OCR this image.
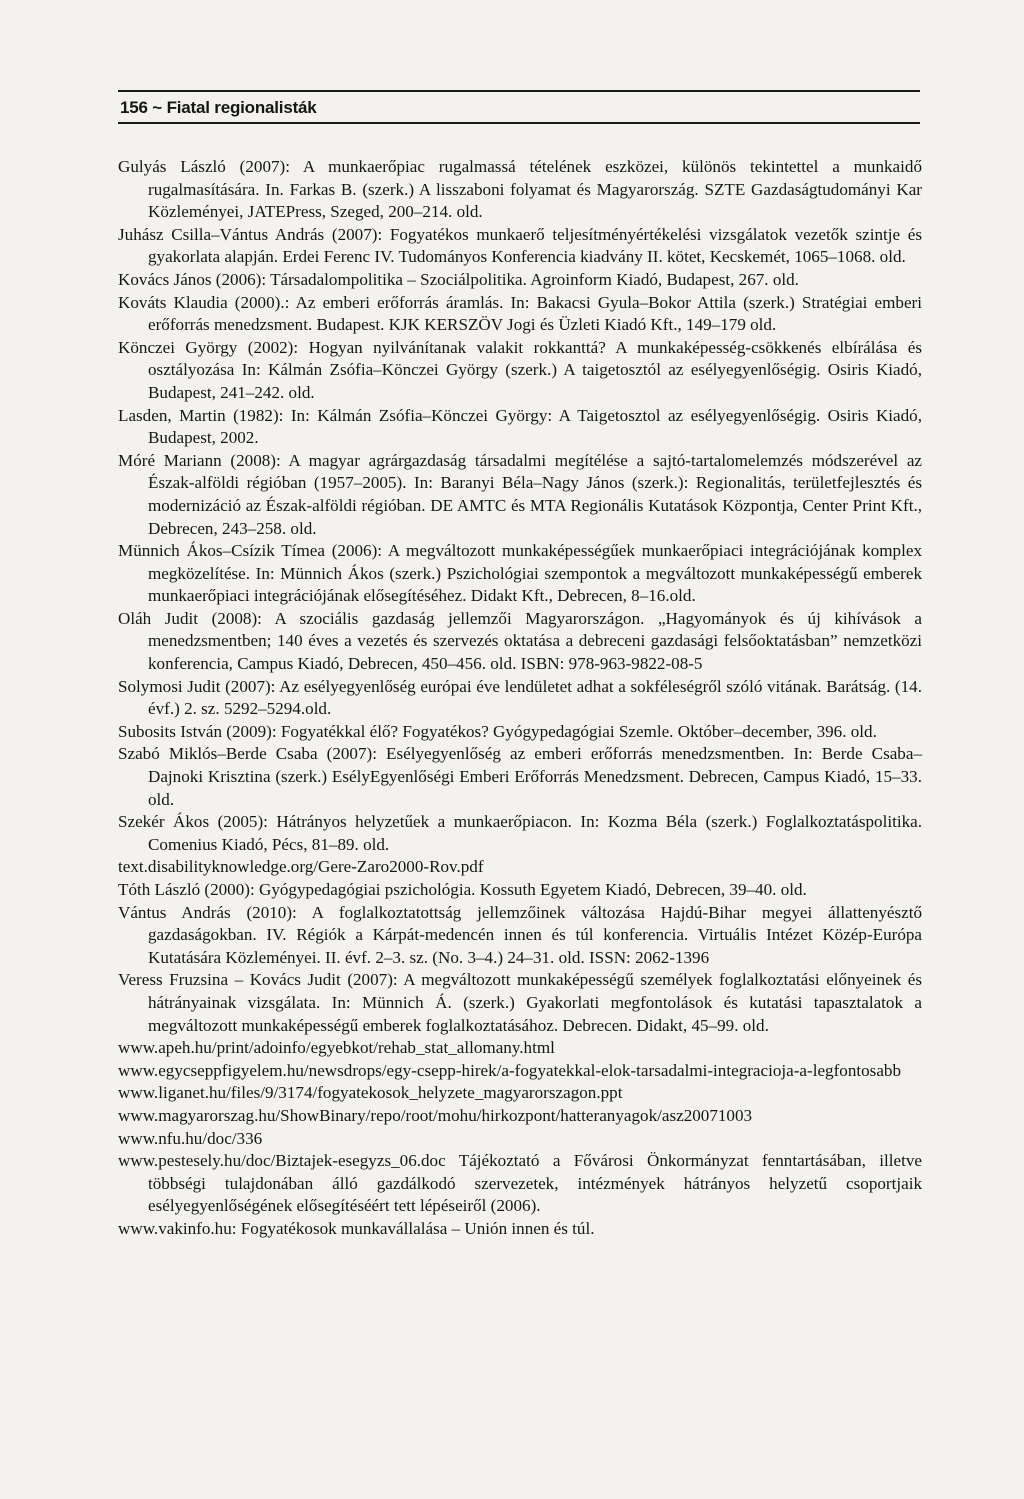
156 ~ Fiatal regionalisták

Gulyás László (2007): A munkaerőpiac rugalmassá tételének eszközei, különös tekintettel a munkaidő rugalmasítására. In. Farkas B. (szerk.) A lisszaboni folyamat és Magyarország. SZTE Gazdaságtudományi Kar Közleményei, JATEPress, Szeged, 200–214. old.

Juhász Csilla–Vántus András (2007): Fogyatékos munkaerő teljesítményértékelési vizsgálatok vezetők szintje és gyakorlata alapján. Erdei Ferenc IV. Tudományos Konferencia kiadvány II. kötet, Kecskemét, 1065–1068. old.

Kovács János (2006): Társadalompolitika – Szociálpolitika. Agroinform Kiadó, Budapest, 267. old.

Kováts Klaudia (2000).: Az emberi erőforrás áramlás. In: Bakacsi Gyula–Bokor Attila (szerk.) Stratégiai emberi erőforrás menedzsment. Budapest. KJK KERSZÖV Jogi és Üzleti Kiadó Kft., 149–179 old.

Könczei György (2002): Hogyan nyilvánítanak valakit rokkanttá? A munkaképesség-csökkenés elbírálása és osztályozása In: Kálmán Zsófia–Könczei György (szerk.) A taigetosztól az esélyegyenlőségig. Osiris Kiadó, Budapest, 241–242. old.

Lasden, Martin (1982): In: Kálmán Zsófia–Könczei György: A Taigetosztol az esélyegyenlőségig. Osiris Kiadó, Budapest, 2002.

Móré Mariann (2008): A magyar agrárgazdaság társadalmi megítélése a sajtó-tartalomelemzés módszerével az Észak-alföldi régióban (1957–2005). In: Baranyi Béla–Nagy János (szerk.): Regionalitás, területfejlesztés és modernizáció az Észak-alföldi régióban. DE AMTC és MTA Regionális Kutatások Központja, Center Print Kft., Debrecen, 243–258. old.

Münnich Ákos–Csízik Tímea (2006): A megváltozott munkaképességűek munkaerőpiaci integrációjának komplex megközelítése. In: Münnich Ákos (szerk.) Pszichológiai szempontok a megváltozott munkaképességű emberek munkaerőpiaci integrációjának elősegítéséhez. Didakt Kft., Debrecen, 8–16.old.

Oláh Judit (2008): A szociális gazdaság jellemzői Magyarországon. „Hagyományok és új kihívások a menedzsmentben; 140 éves a vezetés és szervezés oktatása a debreceni gazdasági felsőoktatásban” nemzetközi konferencia, Campus Kiadó, Debrecen, 450–456. old. ISBN: 978-963-9822-08-5

Solymosi Judit (2007): Az esélyegyenlőség európai éve lendületet adhat a sokféleségről szóló vitának. Barátság. (14. évf.) 2. sz. 5292–5294.old.

Subosits István (2009): Fogyatékkal élő? Fogyatékos? Gyógypedagógiai Szemle. Október–december, 396. old.

Szabó Miklós–Berde Csaba (2007): Esélyegyenlőség az emberi erőforrás menedzsmentben. In: Berde Csaba–Dajnoki Krisztina (szerk.) EsélyEgyenlőségi Emberi Erőforrás Menedzsment. Debrecen, Campus Kiadó, 15–33. old.

Szekér Ákos (2005): Hátrányos helyzetűek a munkaerőpiacon. In: Kozma Béla (szerk.) Foglalkoztatáspolitika. Comenius Kiadó, Pécs, 81–89. old.

text.disabilityknowledge.org/Gere-Zaro2000-Rov.pdf

Tóth László (2000): Gyógypedagógiai pszichológia. Kossuth Egyetem Kiadó, Debrecen, 39–40. old.

Vántus András (2010): A foglalkoztatottság jellemzőinek változása Hajdú-Bihar megyei állattenyésztő gazdaságokban. IV. Régiók a Kárpát-medencén innen és túl konferencia. Virtuális Intézet Közép-Európa Kutatására Közleményei. II. évf. 2–3. sz. (No. 3–4.) 24–31. old. ISSN: 2062-1396

Veress Fruzsina – Kovács Judit (2007): A megváltozott munkaképességű személyek foglalkoztatási előnyeinek és hátrányainak vizsgálata. In: Münnich Á. (szerk.) Gyakorlati megfontolások és kutatási tapasztalatok a megváltozott munkaképességű emberek foglalkoztatásához. Debrecen. Didakt, 45–99. old.

www.apeh.hu/print/adoinfo/egyebkot/rehab_stat_allomany.html

www.egycseppfigyelem.hu/newsdrops/egy-csepp-hirek/a-fogyatekkal-elok-tarsadalmi-integracioja-a-legfontosabb

www.liganet.hu/files/9/3174/fogyatekosok_helyzete_magyarorszagon.ppt

www.magyarorszag.hu/ShowBinary/repo/root/mohu/hirkozpont/hatteranyagok/asz20071003

www.nfu.hu/doc/336

www.pestesely.hu/doc/Biztajek-esegyzs_06.doc Tájékoztató a Fővárosi Önkormányzat fenntartásában, illetve többségi tulajdonában álló gazdálkodó szervezetek, intézmények hátrányos helyzetű csoportjaik esélyegyenlőségének elősegítéséért tett lépéseiről (2006).

www.vakinfo.hu: Fogyatékosok munkavállalása – Unión innen és túl.
